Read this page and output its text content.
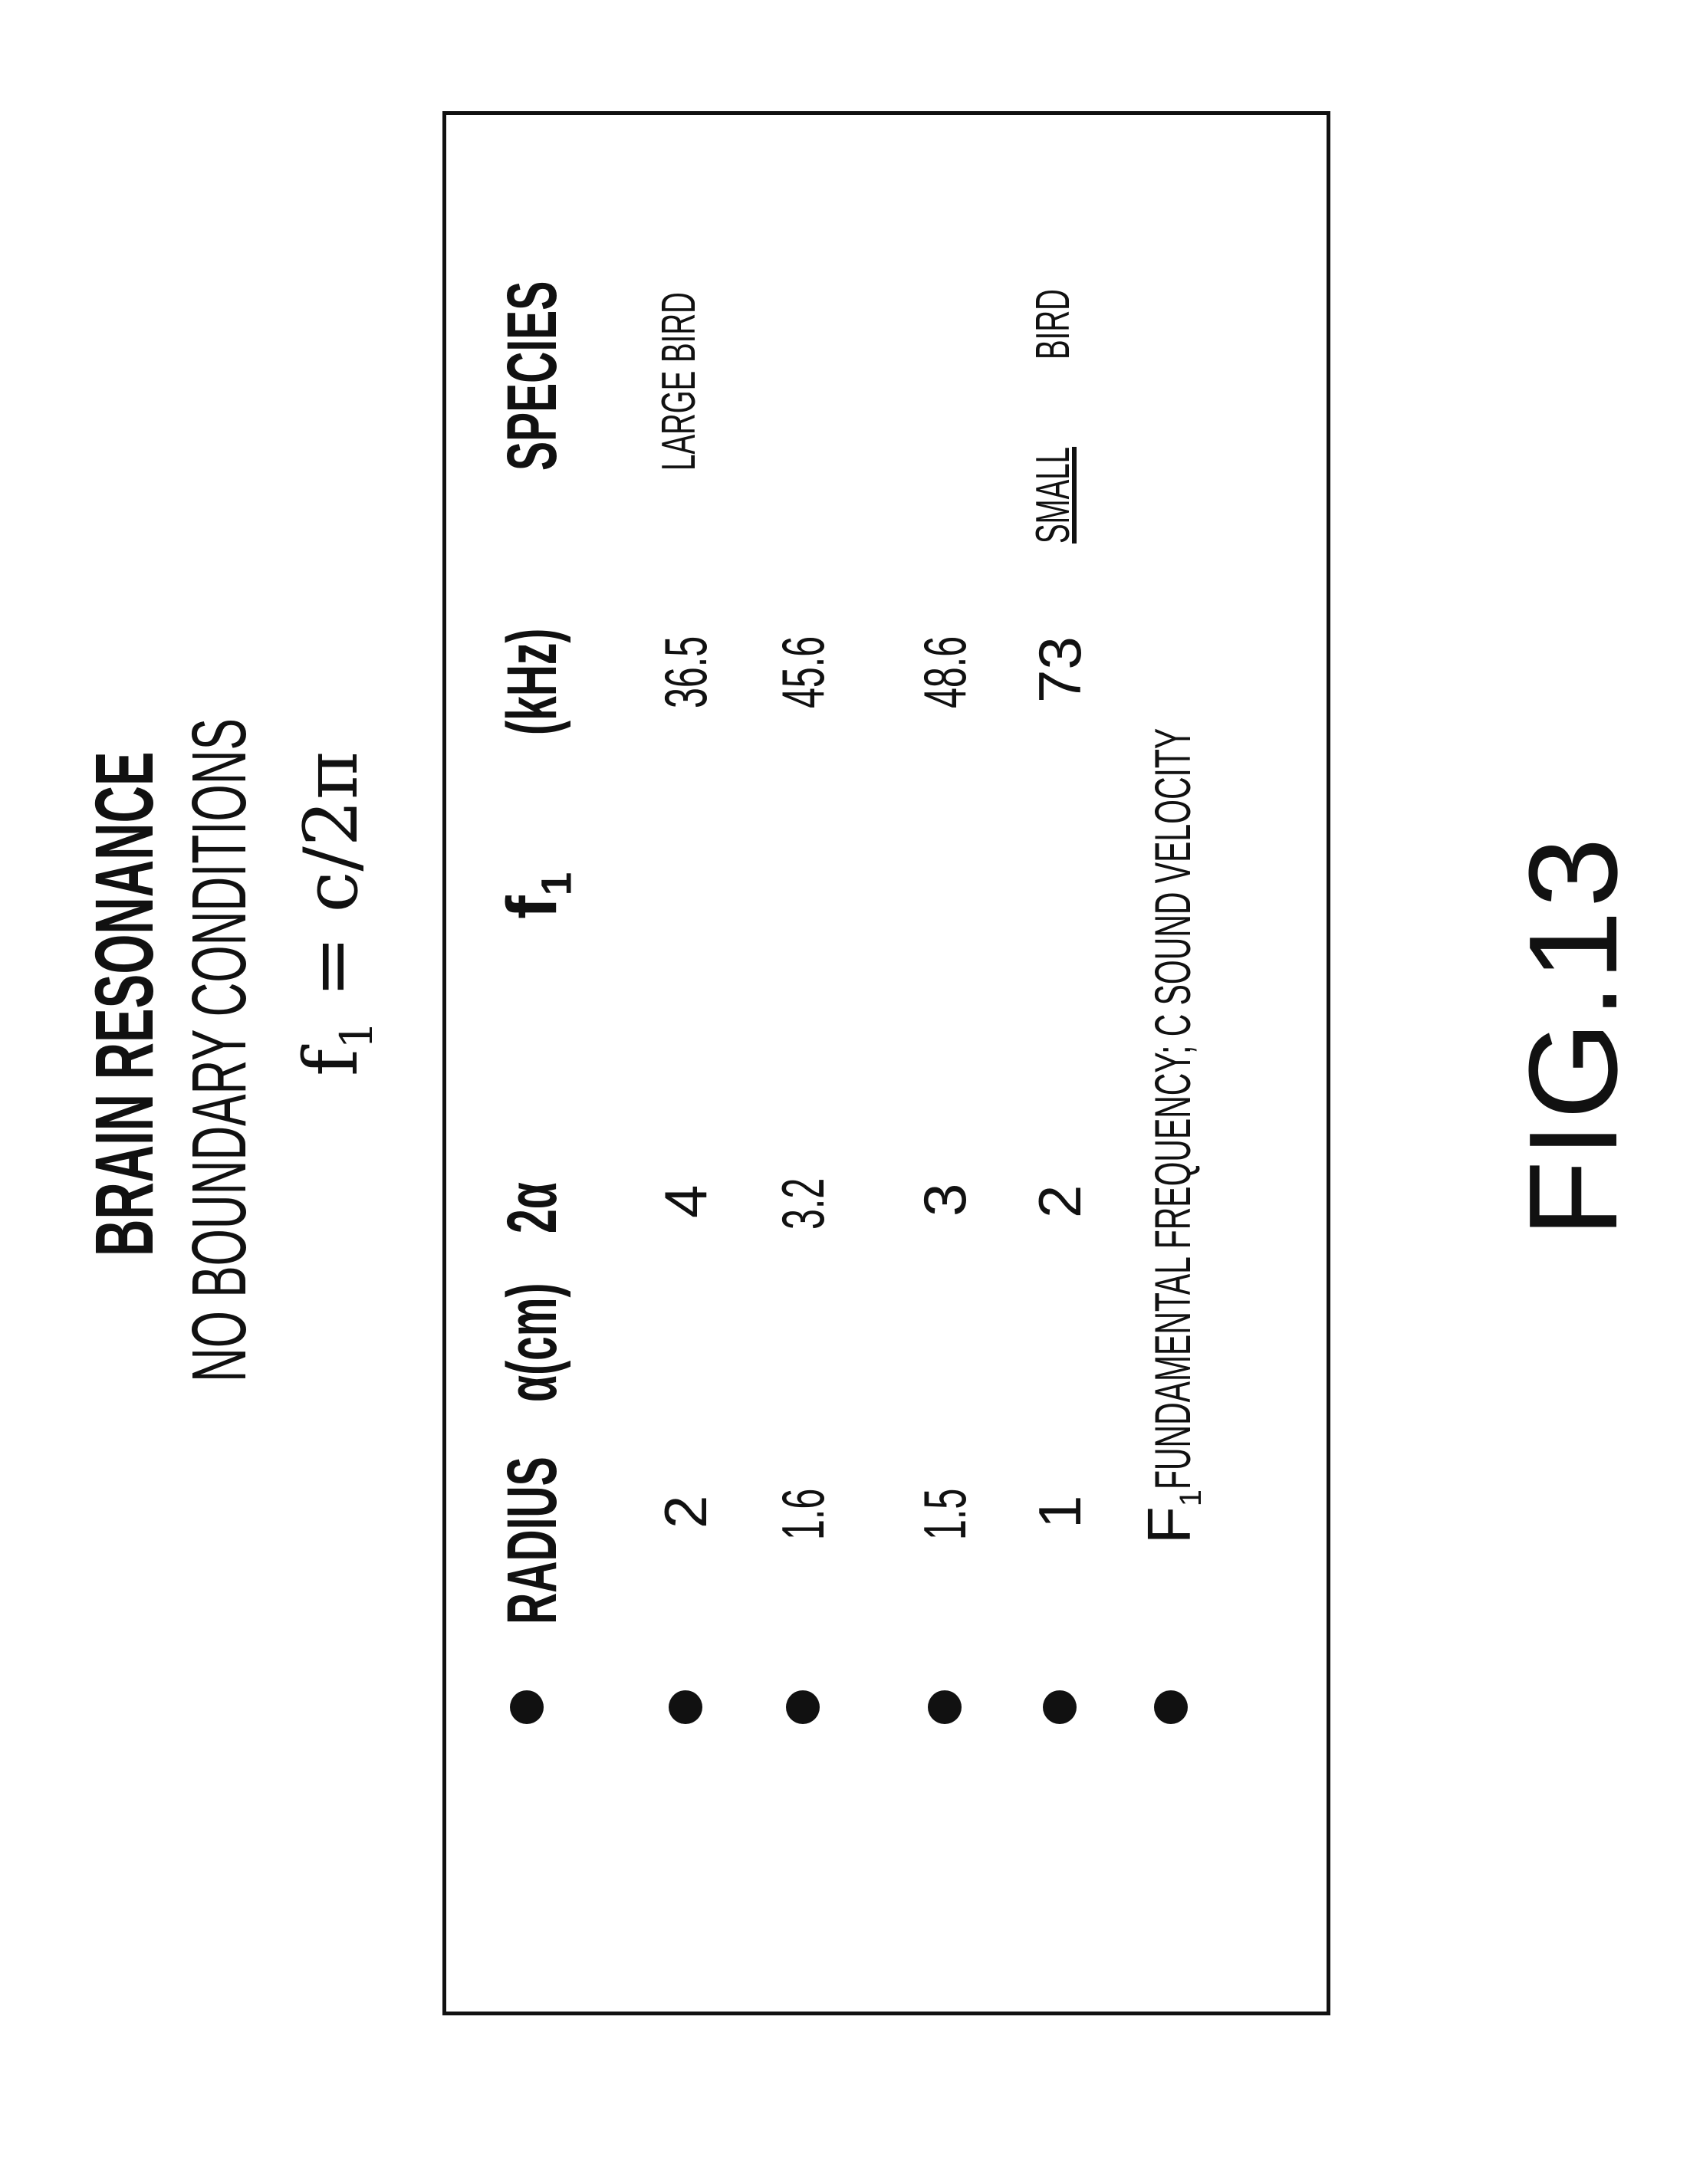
BRAIN RESONANCE NO BOUNDARY CONDITIONS $f_1 = c/2\pi$
RADIUS
α(cm)
2α
$f_1$
(kHz)
SPECIES
2
4
36.5
LARGE BIRD
1.6
3.2
45.6
1.5
3
48.6
1
2
73
SMALL
BIRD
$F_1FUNDAMENTAL$ FREQUENCY; C SOUND VELOCITY FIG.13
